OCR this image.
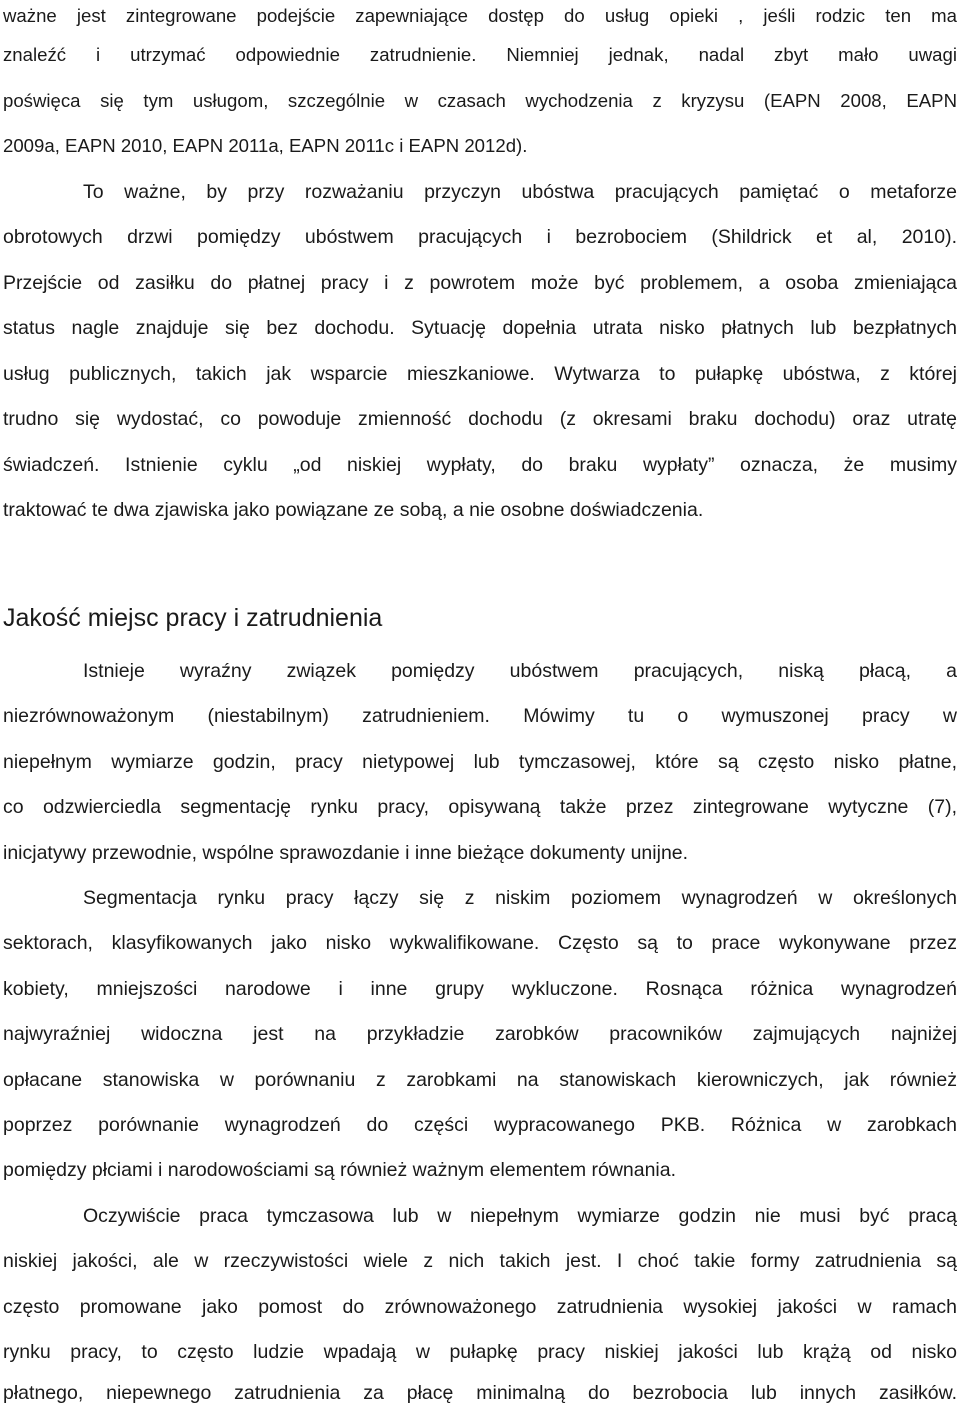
ważne jest zintegrowane podejście zapewniające dostęp do usług opieki , jeśli rodzic ten ma
znaleźć i utrzymać odpowiednie zatrudnienie. Niemniej jednak, nadal zbyt mało uwagi
poświęca się tym usługom, szczególnie w czasach wychodzenia z kryzysu (EAPN 2008, EAPN
2009a, EAPN 2010, EAPN 2011a, EAPN 2011c i EAPN 2012d).
To ważne, by przy rozważaniu przyczyn ubóstwa pracujących pamiętać o metaforze
obrotowych drzwi pomiędzy ubóstwem pracujących i bezrobociem (Shildrick et al, 2010).
Przejście od zasiłku do płatnej pracy i z powrotem może być problemem, a osoba zmieniająca
status nagle znajduje się bez dochodu. Sytuację dopełnia utrata nisko płatnych lub bezpłatnych
usług publicznych, takich jak wsparcie mieszkaniowe. Wytwarza to pułapkę ubóstwa, z której
trudno się wydostać, co powoduje zmienność dochodu (z okresami braku dochodu) oraz utratę
świadczeń. Istnienie cyklu „od niskiej wypłaty, do braku wypłaty” oznacza, że musimy
traktować te dwa zjawiska jako powiązane ze sobą, a nie osobne doświadczenia.
Jakość miejsc pracy i zatrudnienia
Istnieje wyraźny związek pomiędzy ubóstwem pracujących, niską płacą, a
niezrównoważonym (niestabilnym) zatrudnieniem. Mówimy tu o wymuszonej pracy w
niepełnym wymiarze godzin, pracy nietypowej lub tymczasowej, które są często nisko płatne,
co odzwierciedla segmentację rynku pracy, opisywaną także przez zintegrowane wytyczne (7),
inicjatywy przewodnie, wspólne sprawozdanie i inne bieżące dokumenty unijne.
Segmentacja rynku pracy łączy się z niskim poziomem wynagrodzeń w określonych
sektorach, klasyfikowanych jako nisko wykwalifikowane. Często są to prace wykonywane przez
kobiety, mniejszości narodowe i inne grupy wykluczone. Rosnąca różnica wynagrodzeń
najwyraźniej widoczna jest na przykładzie zarobków pracowników zajmujących najniżej
opłacane stanowiska w porównaniu z zarobkami na stanowiskach kierowniczych, jak również
poprzez porównanie wynagrodzeń do części wypracowanego PKB. Różnica w zarobkach
pomiędzy płciami i narodowościami są również ważnym elementem równania.
Oczywiście praca tymczasowa lub w niepełnym wymiarze godzin nie musi być pracą
niskiej jakości, ale w rzeczywistości wiele z nich takich jest. I choć takie formy zatrudnienia są
często promowane jako pomost do zrównoważonego zatrudnienia wysokiej jakości w ramach
rynku pracy, to często ludzie wpadają w pułapkę pracy niskiej jakości lub krążą od nisko
płatnego, niepewnego zatrudnienia za płacę minimalną do bezrobocia lub innych zasiłków.
